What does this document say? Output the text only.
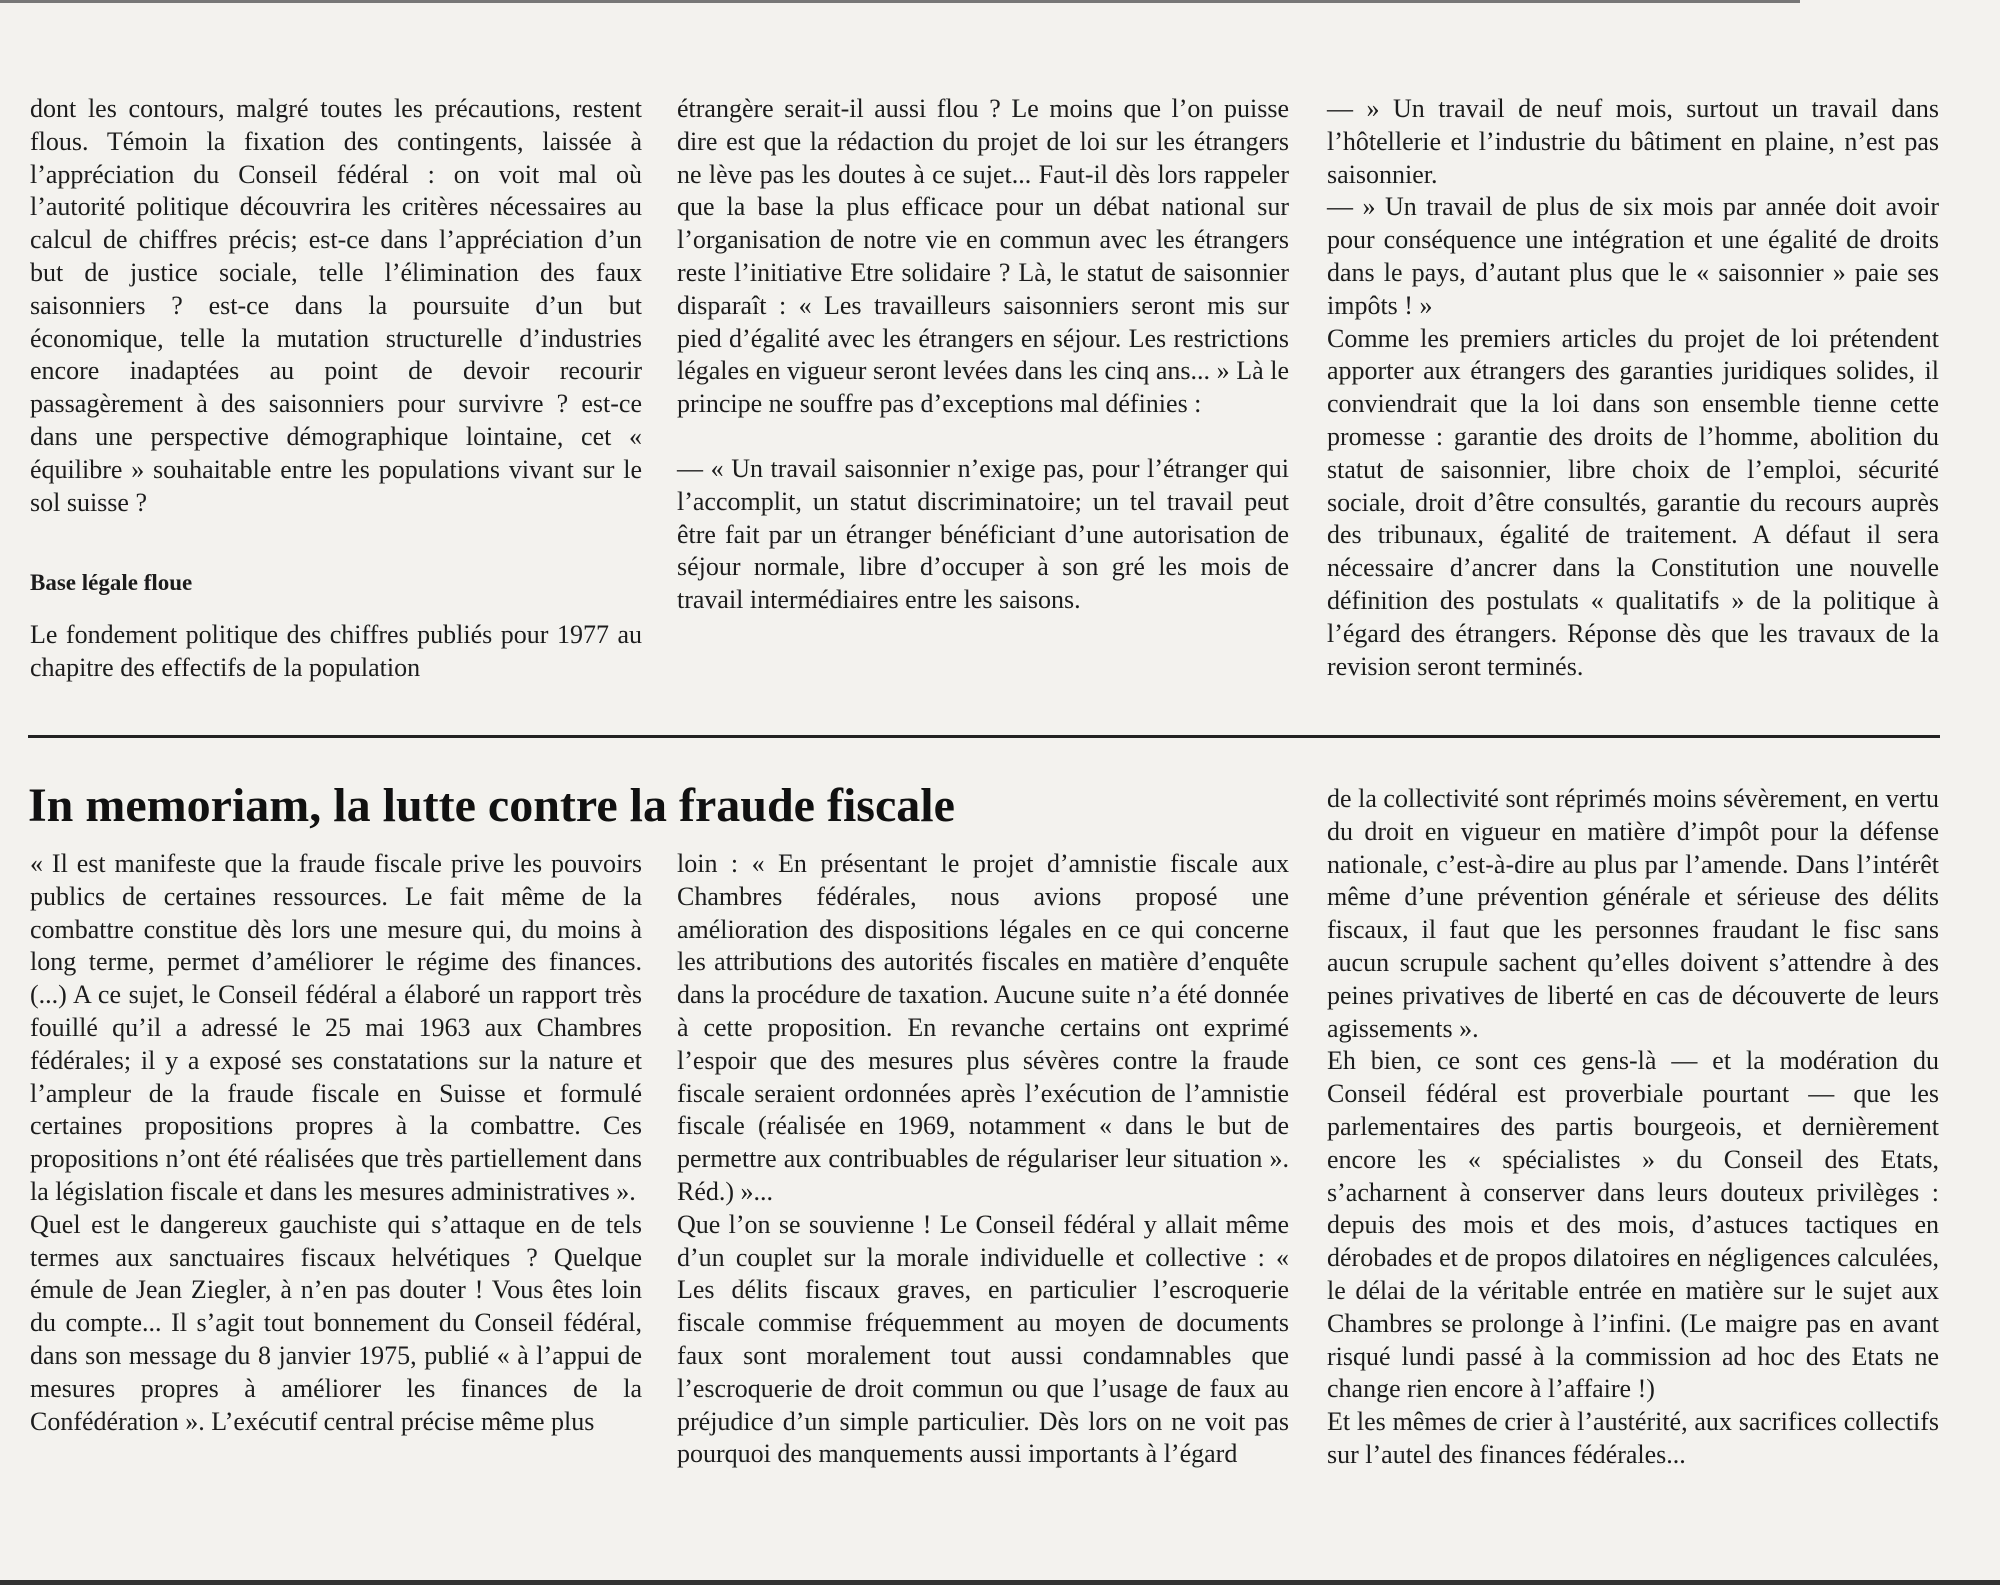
dont les contours, malgré toutes les précautions, restent flous. Témoin la fixation des contingents, laissée à l’appréciation du Conseil fédéral : on voit mal où l’autorité politique découvrira les critères nécessaires au calcul de chiffres précis; est-ce dans l’appréciation d’un but de justice sociale, telle l’élimination des faux saisonniers ? est-ce dans la poursuite d’un but économique, telle la mutation structurelle d’industries encore inadaptées au point de devoir recourir passagèrement à des saisonniers pour survivre ? est-ce dans une perspective démographique lointaine, cet « équilibre » souhaitable entre les populations vivant sur le sol suisse ?

Base légale floue

Le fondement politique des chiffres publiés pour 1977 au chapitre des effectifs de la population

étrangère serait-il aussi flou ? Le moins que l’on puisse dire est que la rédaction du projet de loi sur les étrangers ne lève pas les doutes à ce sujet... Faut-il dès lors rappeler que la base la plus efficace pour un débat national sur l’organisation de notre vie en commun avec les étrangers reste l’initiative Etre solidaire ? Là, le statut de saisonnier disparaît : « Les travailleurs saisonniers seront mis sur pied d’égalité avec les étrangers en séjour. Les restrictions légales en vigueur seront levées dans les cinq ans... » Là le principe ne souffre pas d’exceptions mal définies :

— « Un travail saisonnier n’exige pas, pour l’étranger qui l’accomplit, un statut discriminatoire; un tel travail peut être fait par un étranger bénéficiant d’une autorisation de séjour normale, libre d’occuper à son gré les mois de travail intermédiaires entre les saisons.

— » Un travail de neuf mois, surtout un travail dans l’hôtellerie et l’industrie du bâtiment en plaine, n’est pas saisonnier.

— » Un travail de plus de six mois par année doit avoir pour conséquence une intégration et une égalité de droits dans le pays, d’autant plus que le « saisonnier » paie ses impôts ! »

Comme les premiers articles du projet de loi prétendent apporter aux étrangers des garanties juridiques solides, il conviendrait que la loi dans son ensemble tienne cette promesse : garantie des droits de l’homme, abolition du statut de saisonnier, libre choix de l’emploi, sécurité sociale, droit d’être consultés, garantie du recours auprès des tribunaux, égalité de traitement. A défaut il sera nécessaire d’ancrer dans la Constitution une nouvelle définition des postulats « qualitatifs » de la politique à l’égard des étrangers. Réponse dès que les travaux de la revision seront terminés.

In memoriam, la lutte contre la fraude fiscale

« Il est manifeste que la fraude fiscale prive les pouvoirs publics de certaines ressources. Le fait même de la combattre constitue dès lors une mesure qui, du moins à long terme, permet d’améliorer le régime des finances. (...) A ce sujet, le Conseil fédéral a élaboré un rapport très fouillé qu’il a adressé le 25 mai 1963 aux Chambres fédérales; il y a exposé ses constatations sur la nature et l’ampleur de la fraude fiscale en Suisse et formulé certaines propositions propres à la combattre. Ces propositions n’ont été réalisées que très partiellement dans la législation fiscale et dans les mesures administratives ».

Quel est le dangereux gauchiste qui s’attaque en de tels termes aux sanctuaires fiscaux helvétiques ? Quelque émule de Jean Ziegler, à n’en pas douter ! Vous êtes loin du compte... Il s’agit tout bonnement du Conseil fédéral, dans son message du 8 janvier 1975, publié « à l’appui de mesures propres à améliorer les finances de la Confédération ». L’exécutif central précise même plus

loin : « En présentant le projet d’amnistie fiscale aux Chambres fédérales, nous avions proposé une amélioration des dispositions légales en ce qui concerne les attributions des autorités fiscales en matière d’enquête dans la procédure de taxation. Aucune suite n’a été donnée à cette proposition. En revanche certains ont exprimé l’espoir que des mesures plus sévères contre la fraude fiscale seraient ordonnées après l’exécution de l’amnistie fiscale (réalisée en 1969, notamment « dans le but de permettre aux contribuables de régulariser leur situation ». Réd.) »...

Que l’on se souvienne ! Le Conseil fédéral y allait même d’un couplet sur la morale individuelle et collective : « Les délits fiscaux graves, en particulier l’escroquerie fiscale commise fréquemment au moyen de documents faux sont moralement tout aussi condamnables que l’escroquerie de droit commun ou que l’usage de faux au préjudice d’un simple particulier. Dès lors on ne voit pas pourquoi des manquements aussi importants à l’égard

de la collectivité sont réprimés moins sévèrement, en vertu du droit en vigueur en matière d’impôt pour la défense nationale, c’est-à-dire au plus par l’amende. Dans l’intérêt même d’une prévention générale et sérieuse des délits fiscaux, il faut que les personnes fraudant le fisc sans aucun scrupule sachent qu’elles doivent s’attendre à des peines privatives de liberté en cas de découverte de leurs agissements ».

Eh bien, ce sont ces gens-là — et la modération du Conseil fédéral est proverbiale pourtant — que les parlementaires des partis bourgeois, et dernièrement encore les « spécialistes » du Conseil des Etats, s’acharnent à conserver dans leurs douteux privilèges : depuis des mois et des mois, d’astuces tactiques en dérobades et de propos dilatoires en négligences calculées, le délai de la véritable entrée en matière sur le sujet aux Chambres se prolonge à l’infini. (Le maigre pas en avant risqué lundi passé à la commission ad hoc des Etats ne change rien encore à l’affaire !)

Et les mêmes de crier à l’austérité, aux sacrifices collectifs sur l’autel des finances fédérales...
